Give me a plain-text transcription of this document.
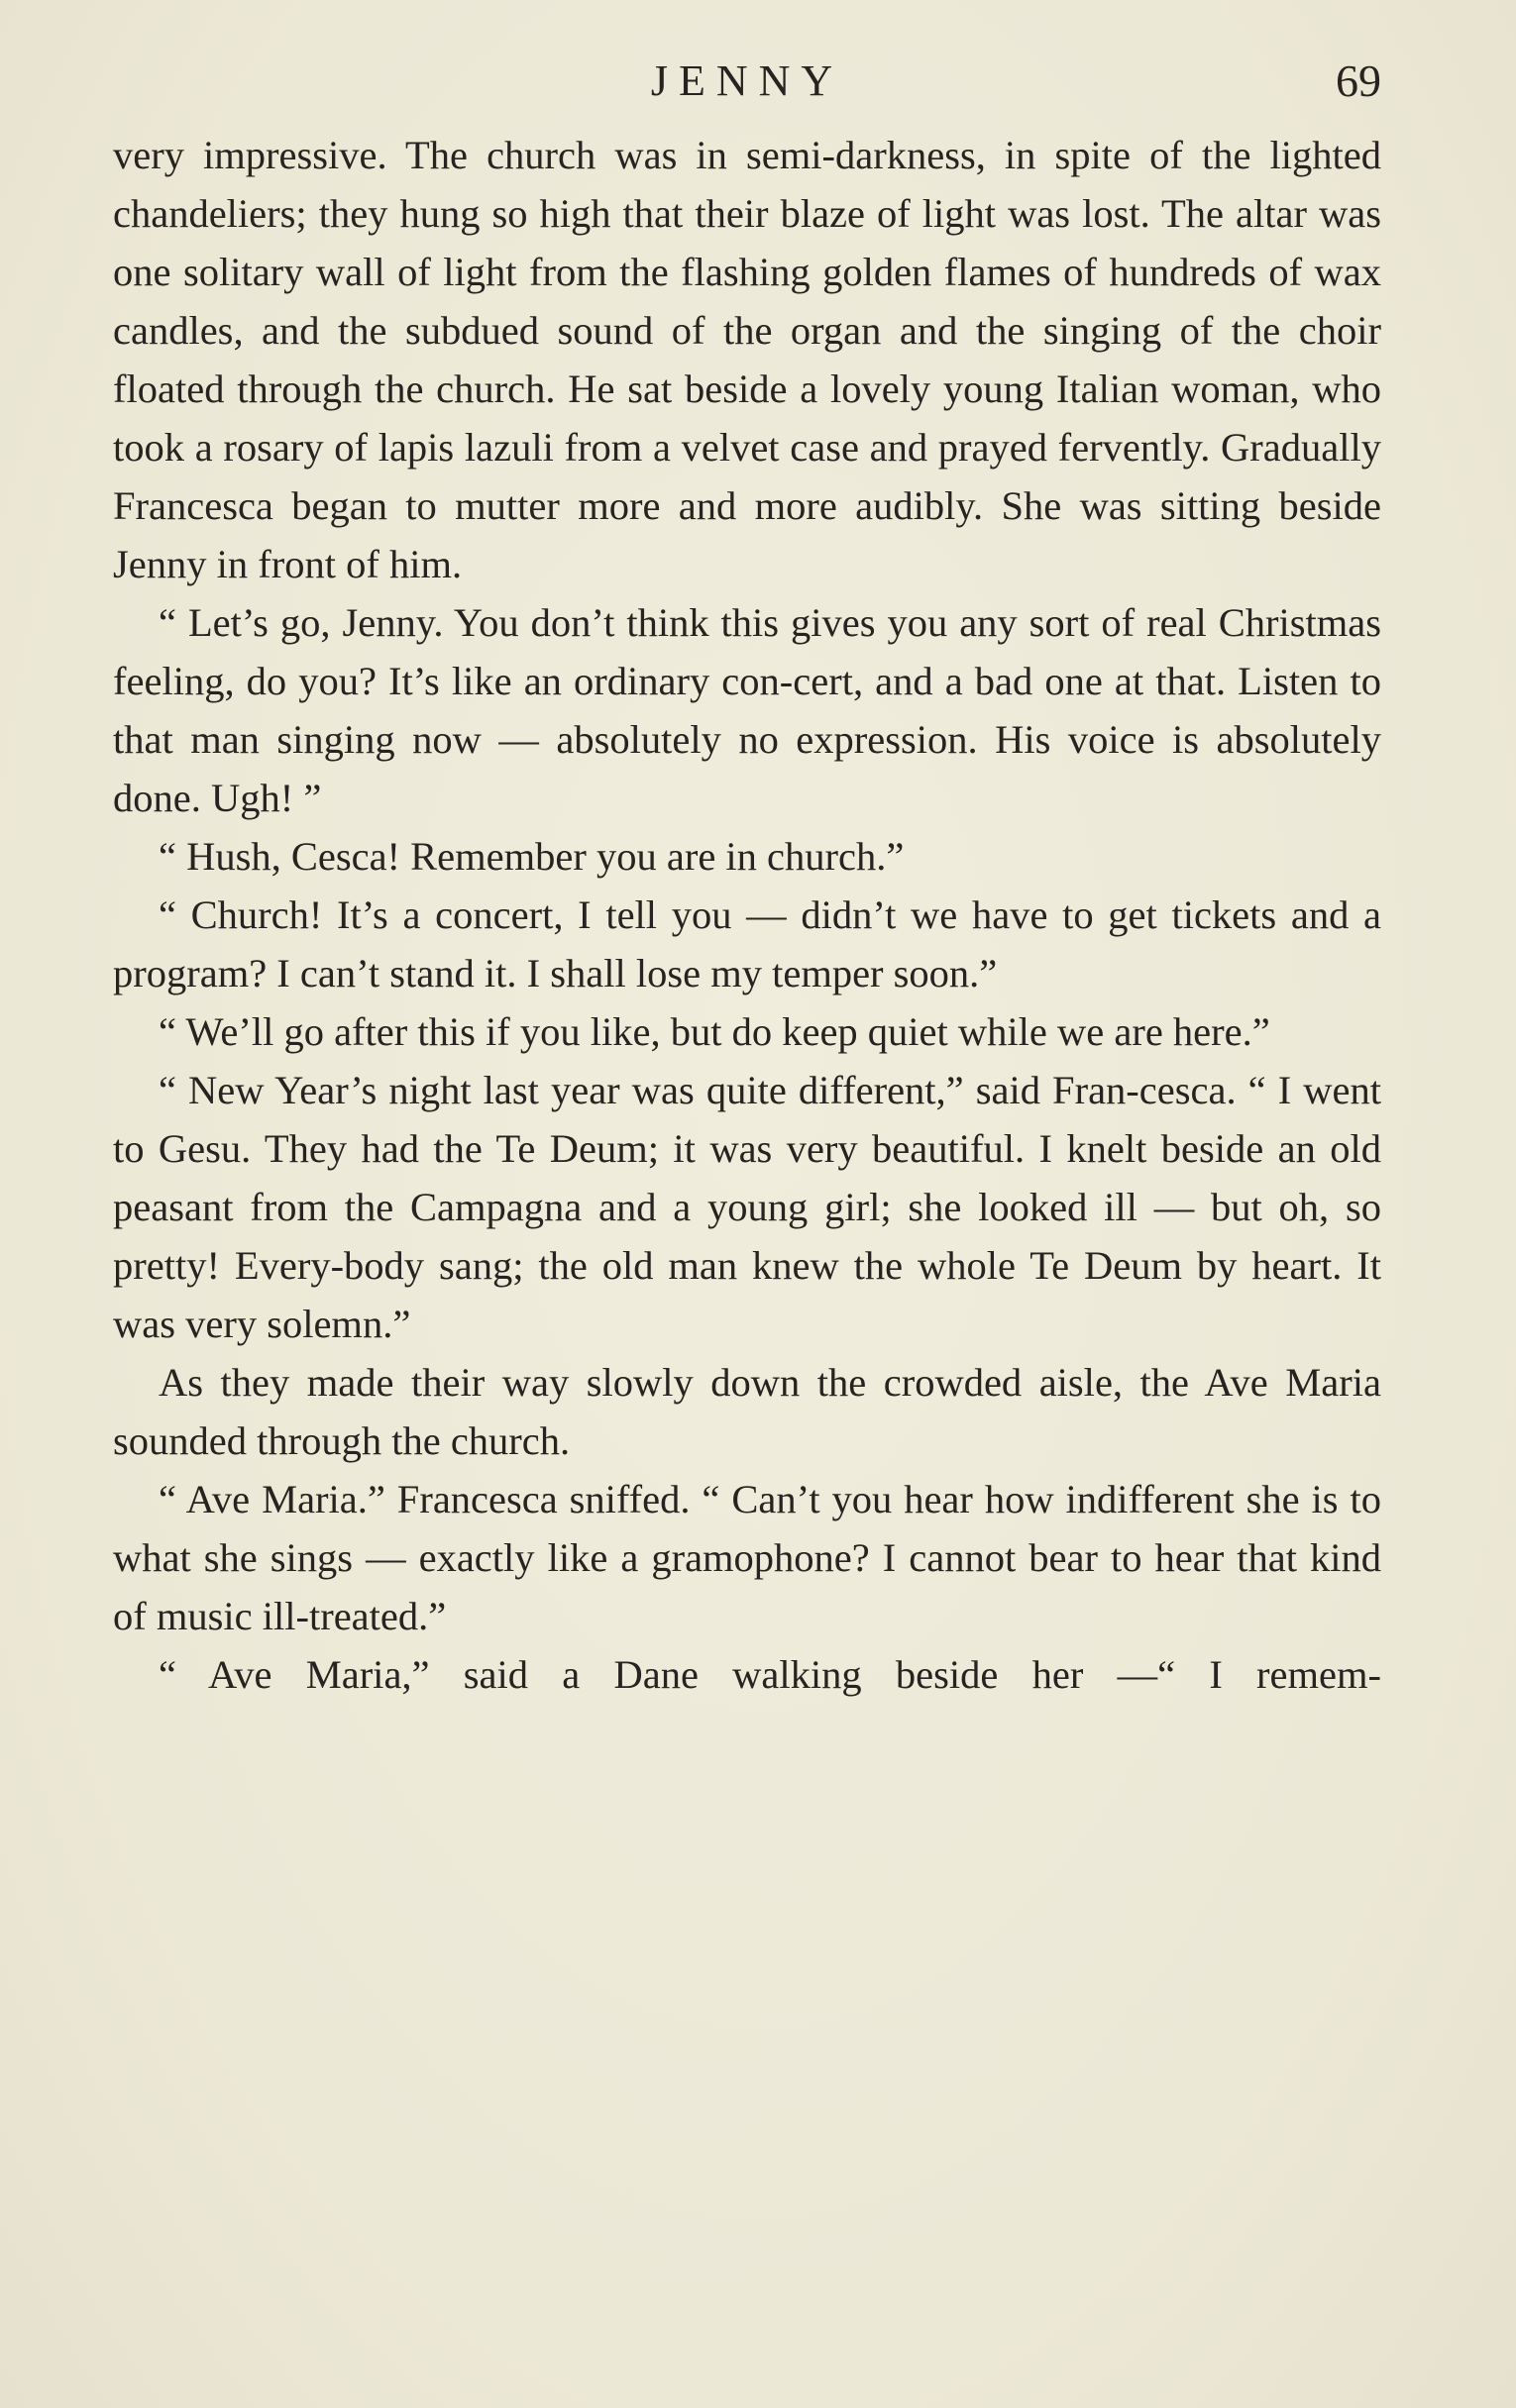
JENNY	69

very impressive. The church was in semi-darkness, in spite of the lighted chandeliers; they hung so high that their blaze of light was lost. The altar was one solitary wall of light from the flashing golden flames of hundreds of wax candles, and the subdued sound of the organ and the singing of the choir floated through the church. He sat beside a lovely young Italian woman, who took a rosary of lapis lazuli from a velvet case and prayed fervently. Gradually Francesca began to mutter more and more audibly. She was sitting beside Jenny in front of him.

“ Let’s go, Jenny. You don’t think this gives you any sort of real Christmas feeling, do you? It’s like an ordinary con-cert, and a bad one at that. Listen to that man singing now — absolutely no expression. His voice is absolutely done. Ugh! ”

“ Hush, Cesca! Remember you are in church.”

“ Church! It’s a concert, I tell you — didn’t we have to get tickets and a program? I can’t stand it. I shall lose my temper soon.”

“ We’ll go after this if you like, but do keep quiet while we are here.”

“ New Year’s night last year was quite different,” said Fran-cesca. “ I went to Gesu. They had the Te Deum; it was very beautiful. I knelt beside an old peasant from the Campagna and a young girl; she looked ill — but oh, so pretty! Every-body sang; the old man knew the whole Te Deum by heart. It was very solemn.”

As they made their way slowly down the crowded aisle, the Ave Maria sounded through the church.

“ Ave Maria.” Francesca sniffed. “ Can’t you hear how indifferent she is to what she sings — exactly like a gramophone? I cannot bear to hear that kind of music ill-treated.”

“ Ave Maria,” said a Dane walking beside her —“ I remem-
